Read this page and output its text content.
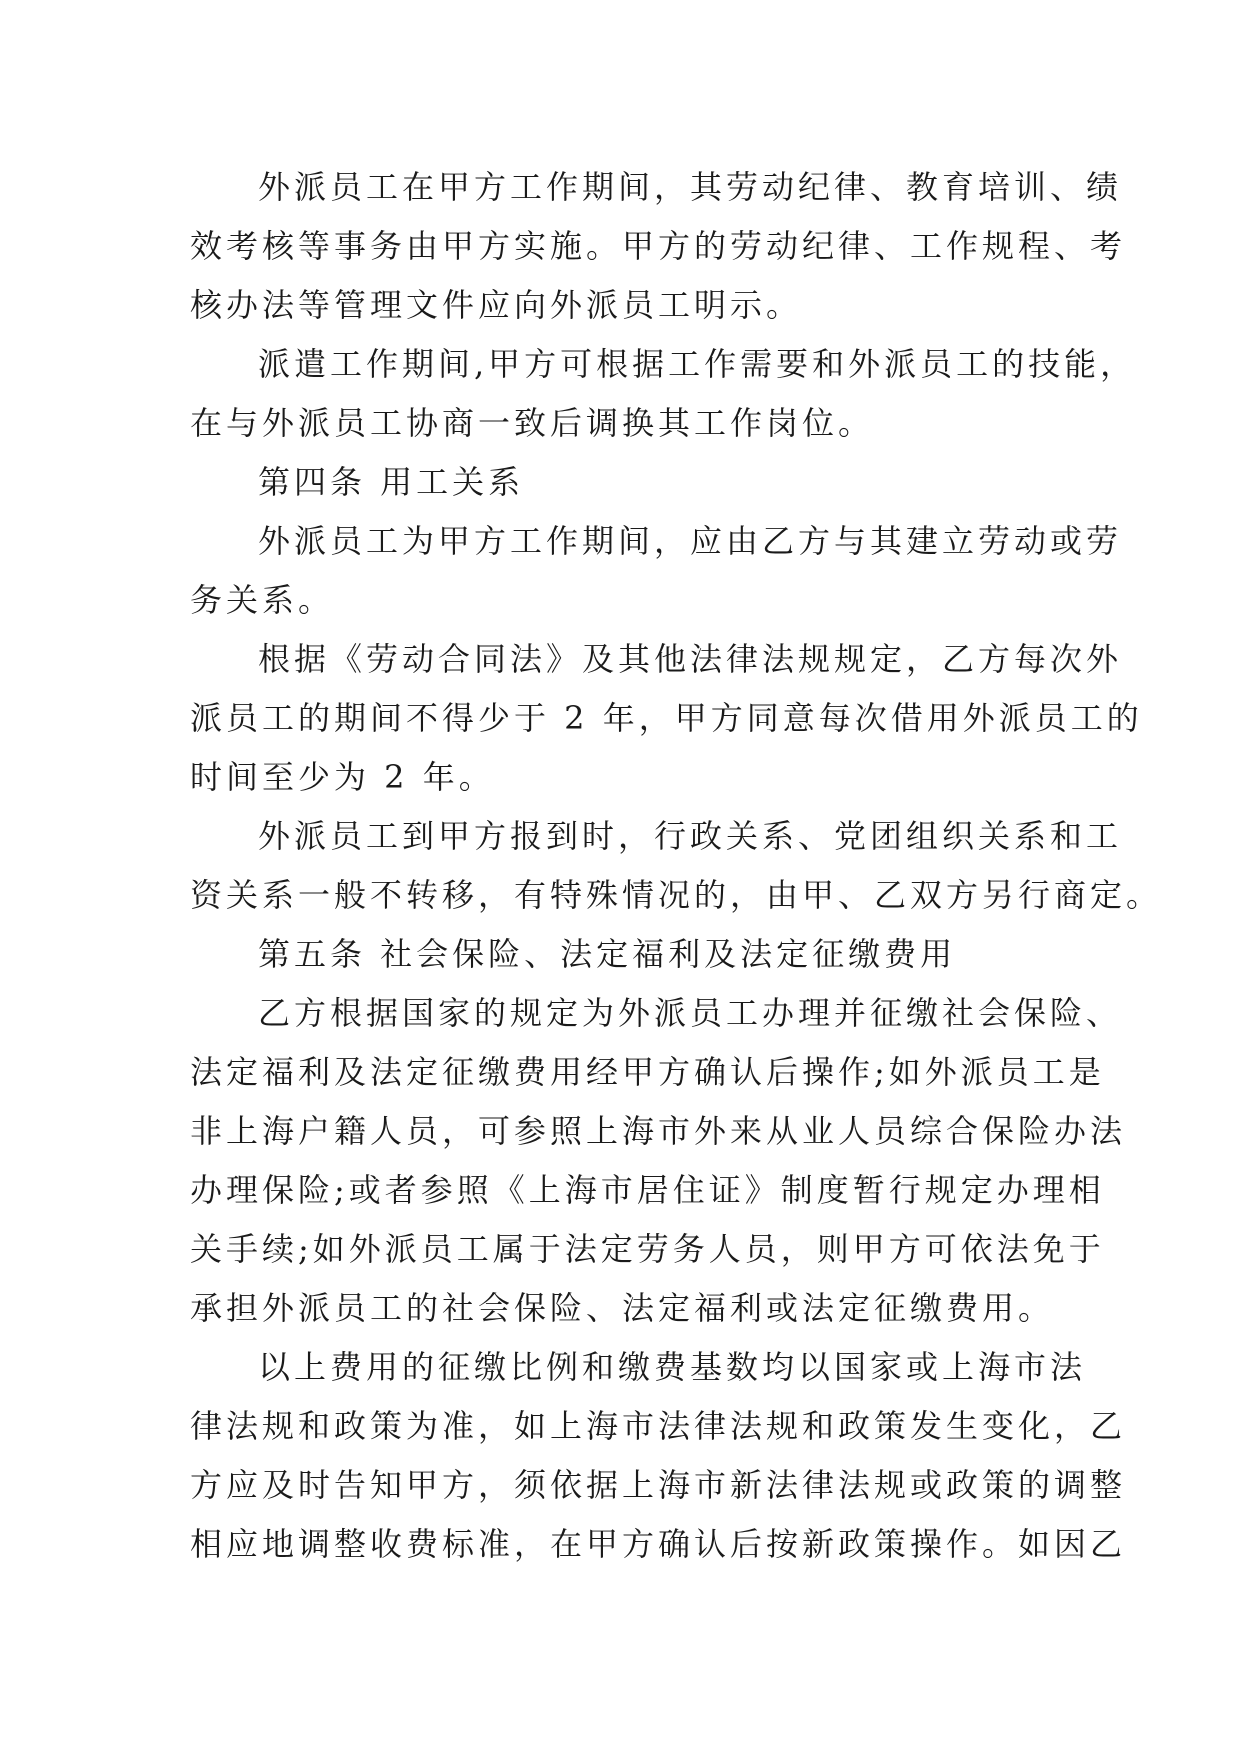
外派员工在甲方工作期间，其劳动纪律、教育培训、绩
效考核等事务由甲方实施。甲方的劳动纪律、工作规程、考
核办法等管理文件应向外派员工明示。
派遣工作期间,甲方可根据工作需要和外派员工的技能，
在与外派员工协商一致后调换其工作岗位。
第四条 用工关系
外派员工为甲方工作期间，应由乙方与其建立劳动或劳
务关系。
根据《劳动合同法》及其他法律法规规定，乙方每次外
派员工的期间不得少于 2 年，甲方同意每次借用外派员工的
时间至少为 2 年。
外派员工到甲方报到时，行政关系、党团组织关系和工
资关系一般不转移，有特殊情况的，由甲、乙双方另行商定。
第五条 社会保险、法定福利及法定征缴费用
乙方根据国家的规定为外派员工办理并征缴社会保险、
法定福利及法定征缴费用经甲方确认后操作;如外派员工是
非上海户籍人员，可参照上海市外来从业人员综合保险办法
办理保险;或者参照《上海市居住证》制度暂行规定办理相
关手续;如外派员工属于法定劳务人员，则甲方可依法免于
承担外派员工的社会保险、法定福利或法定征缴费用。
以上费用的征缴比例和缴费基数均以国家或上海市法
律法规和政策为准，如上海市法律法规和政策发生变化，乙
方应及时告知甲方，须依据上海市新法律法规或政策的调整
相应地调整收费标准，在甲方确认后按新政策操作。如因乙
